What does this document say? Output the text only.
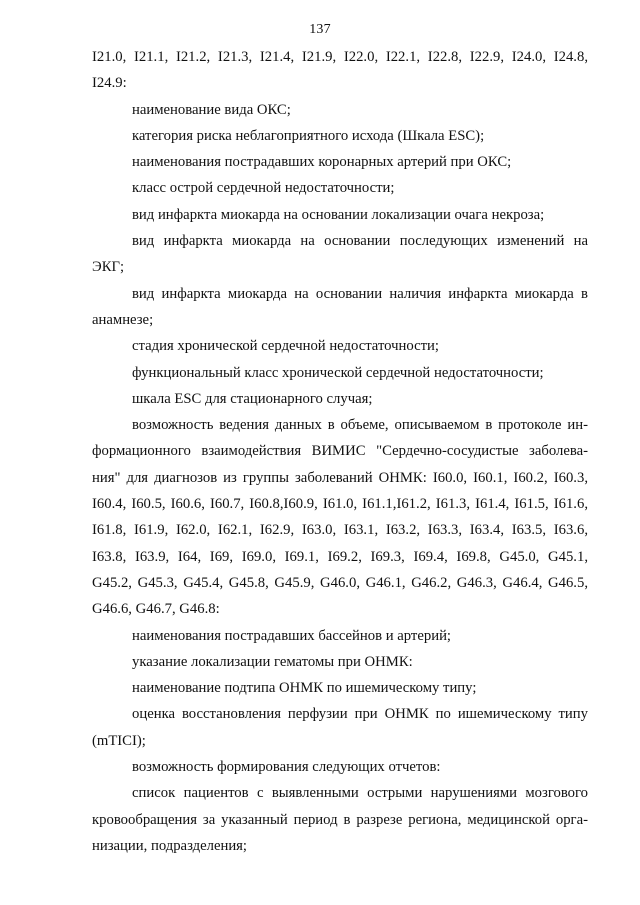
137
I21.0, I21.1, I21.2, I21.3, I21.4, I21.9, I22.0, I22.1, I22.8, I22.9, I24.0, I24.8,
I24.9:
наименование вида ОКС;
категория риска неблагоприятного исхода (Шкала ESC);
наименования пострадавших коронарных артерий при ОКС;
класс острой сердечной недостаточности;
вид инфаркта миокарда на основании локализации очага некроза;
вид инфаркта миокарда на основании последующих изменений на
ЭКГ;
вид инфаркта миокарда на основании наличия инфаркта миокарда в
анамнезе;
стадия хронической сердечной недостаточности;
функциональный класс хронической сердечной недостаточности;
шкала ESC для стационарного случая;
возможность ведения данных в объеме, описываемом в протоколе ин-
формационного взаимодействия ВИМИС "Сердечно-сосудистые заболева-
ния" для диагнозов из группы заболеваний ОНМК: I60.0, I60.1, I60.2, I60.3,
I60.4, I60.5, I60.6, I60.7, I60.8,I60.9, I61.0, I61.1,I61.2, I61.3, I61.4, I61.5, I61.6,
I61.8, I61.9, I62.0, I62.1, I62.9, I63.0, I63.1, I63.2, I63.3, I63.4, I63.5, I63.6,
I63.8, I63.9, I64, I69, I69.0, I69.1, I69.2, I69.3, I69.4, I69.8, G45.0, G45.1,
G45.2, G45.3, G45.4, G45.8, G45.9, G46.0, G46.1, G46.2, G46.3, G46.4, G46.5,
G46.6, G46.7, G46.8:
наименования пострадавших бассейнов и артерий;
указание локализации гематомы при ОНМК:
наименование подтипа ОНМК по ишемическому типу;
оценка восстановления перфузии при ОНМК по ишемическому типу
(mTICI);
возможность формирования следующих отчетов:
список пациентов с выявленными острыми нарушениями мозгового
кровообращения за указанный период в разрезе региона, медицинской орга-
низации, подразделения;
